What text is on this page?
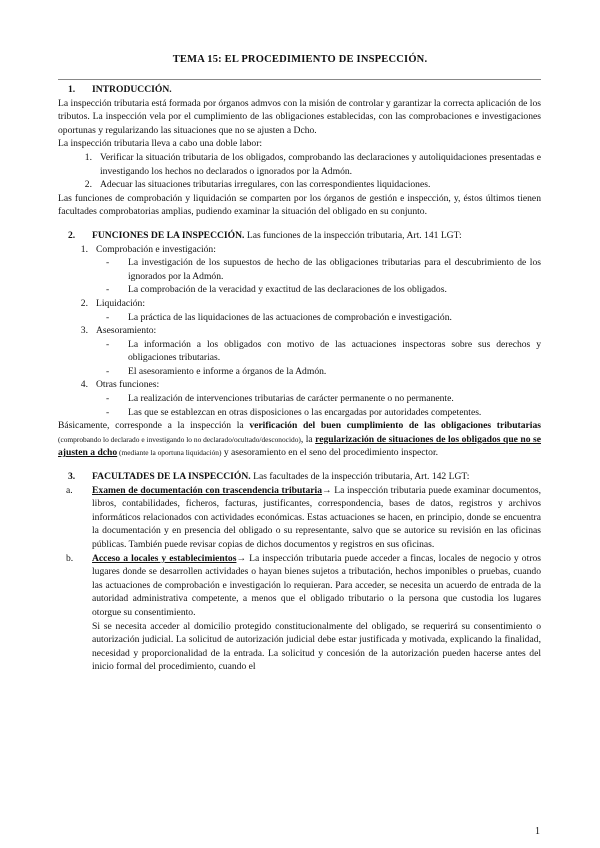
TEMA 15: EL PROCEDIMIENTO DE INSPECCIÓN.
1. INTRODUCCIÓN.
La inspección tributaria está formada por órganos admvos con la misión de controlar y garantizar la correcta aplicación de los tributos. La inspección vela por el cumplimiento de las obligaciones establecidas, con las comprobaciones e investigaciones oportunas y regularizando las situaciones que no se ajusten a Dcho.
La inspección tributaria lleva a cabo una doble labor:
1. Verificar la situación tributaria de los obligados, comprobando las declaraciones y autoliquidaciones presentadas e investigando los hechos no declarados o ignorados por la Admón.
2. Adecuar las situaciones tributarias irregulares, con las correspondientes liquidaciones.
Las funciones de comprobación y liquidación se comparten por los órganos de gestión e inspección, y, éstos últimos tienen facultades comprobatorias amplias, pudiendo examinar la situación del obligado en su conjunto.
2. FUNCIONES DE LA INSPECCIÓN. Las funciones de la inspección tributaria, Art. 141 LGT:
1. Comprobación e investigación:
-	La investigación de los supuestos de hecho de las obligaciones tributarias para el descubrimiento de los ignorados por la Admón.
-	La comprobación de la veracidad y exactitud de las declaraciones de los obligados.
2. Liquidación:
-	La práctica de las liquidaciones de las actuaciones de comprobación e investigación.
3. Asesoramiento:
-	La información a los obligados con motivo de las actuaciones inspectoras sobre sus derechos y obligaciones tributarias.
-	El asesoramiento e informe a órganos de la Admón.
4. Otras funciones:
-	La realización de intervenciones tributarias de carácter permanente o no permanente.
-	Las que se establezcan en otras disposiciones o las encargadas por autoridades competentes.
Básicamente, corresponde a la inspección la verificación del buen cumplimiento de las obligaciones tributarias (comprobando lo declarado e investigando lo no declarado/ocultado/desconocido), la regularización de situaciones de los obligados que no se ajusten a dcho (mediante la oportuna liquidación) y asesoramiento en el seno del procedimiento inspector.
3. FACULTADES DE LA INSPECCIÓN. Las facultades de la inspección tributaria, Art. 142 LGT:
a.	Examen de documentación con trascendencia tributaria→ La inspección tributaria puede examinar documentos, libros, contabilidades, ficheros, facturas, justificantes, correspondencia, bases de datos, registros y archivos informáticos relacionados con actividades económicas. Estas actuaciones se hacen, en principio, donde se encuentra la documentación y en presencia del obligado o su representante, salvo que se autorice su revisión en las oficinas públicas. También puede revisar copias de dichos documentos y registros en sus oficinas.
b.	Acceso a locales y establecimientos→ La inspección tributaria puede acceder a fincas, locales de negocio y otros lugares donde se desarrollen actividades o hayan bienes sujetos a tributación, hechos imponibles o pruebas, cuando las actuaciones de comprobación e investigación lo requieran. Para acceder, se necesita un acuerdo de entrada de la autoridad administrativa competente, a menos que el obligado tributario o la persona que custodia los lugares otorgue su consentimiento.
Si se necesita acceder al domicilio protegido constitucionalmente del obligado, se requerirá su consentimiento o autorización judicial. La solicitud de autorización judicial debe estar justificada y motivada, explicando la finalidad, necesidad y proporcionalidad de la entrada. La solicitud y concesión de la autorización pueden hacerse antes del inicio formal del procedimiento, cuando el
1
